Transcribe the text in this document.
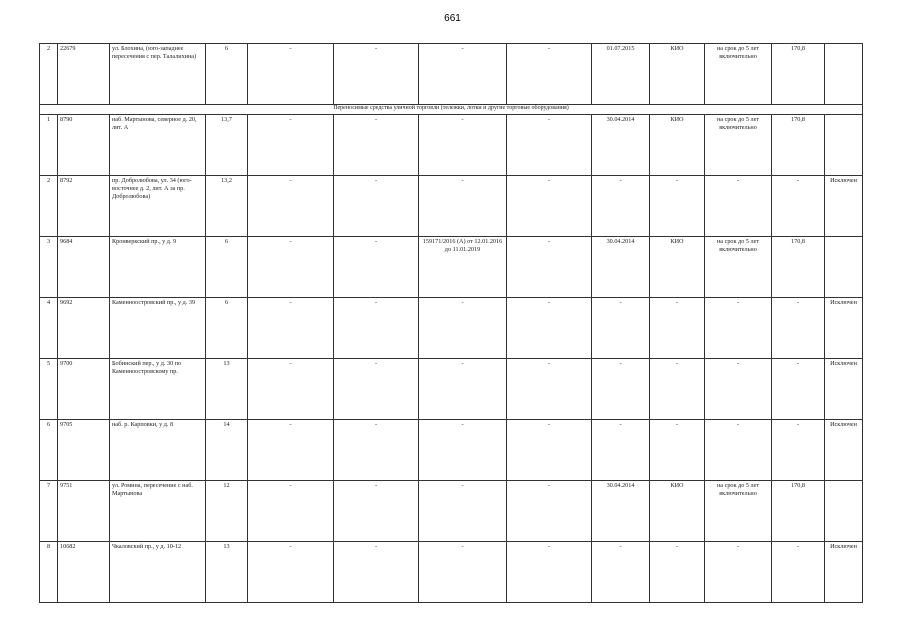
661
2	22679	ул. Блохина, (юго-западнее пересечения с пер. Талалихина)	6	-	-	-	-	01.07.2015	КИО	на срок до 5 лет включительно	170,8	
Переносимые средства уличной торговли (тележки, лотки и другие торговые оборудования)												
1	8790	наб. Мартынова, северное д. 20, лит. А	13,7	-	-	-	-	30.04.2014	КИО	на срок до 5 лет включительно	170,8	
2	8792	пр. Добролюбова, ул. 34 (юго-восточнее д. 2, лит. А за пр. Добролюбова)	13,2	-	-	-	-	-	-	-	-	Исключен
3	9684	Кронверкский пр., у д. 9	6	-	-	159171/2016 (А) от 12.01.2016 до 11.01.2019	-	30.04.2014	КИО	на срок до 5 лет включительно	170,8	
4	9692	Каменноостровский пр., у д. 39	6	-	-	-	-	-	-	-	-	Исключен
5	9700	Бобинский пер., у д. 30 по Каменноостровскому пр.	13	-	-	-	-	-	-	-	-	Исключен
6	9705	наб. р. Карповки, у д. 8	14	-	-	-	-	-	-	-	-	Исключен
7	9751	ул. Ромина, пересечение с наб. Мартынова	12	-	-	-	-	30.04.2014	КИО	на срок до 5 лет включительно	170,8	
8	10682	Чкаловский пр., у д. 10-12	13	-	-	-	-	-	-	-	-	Исключен
